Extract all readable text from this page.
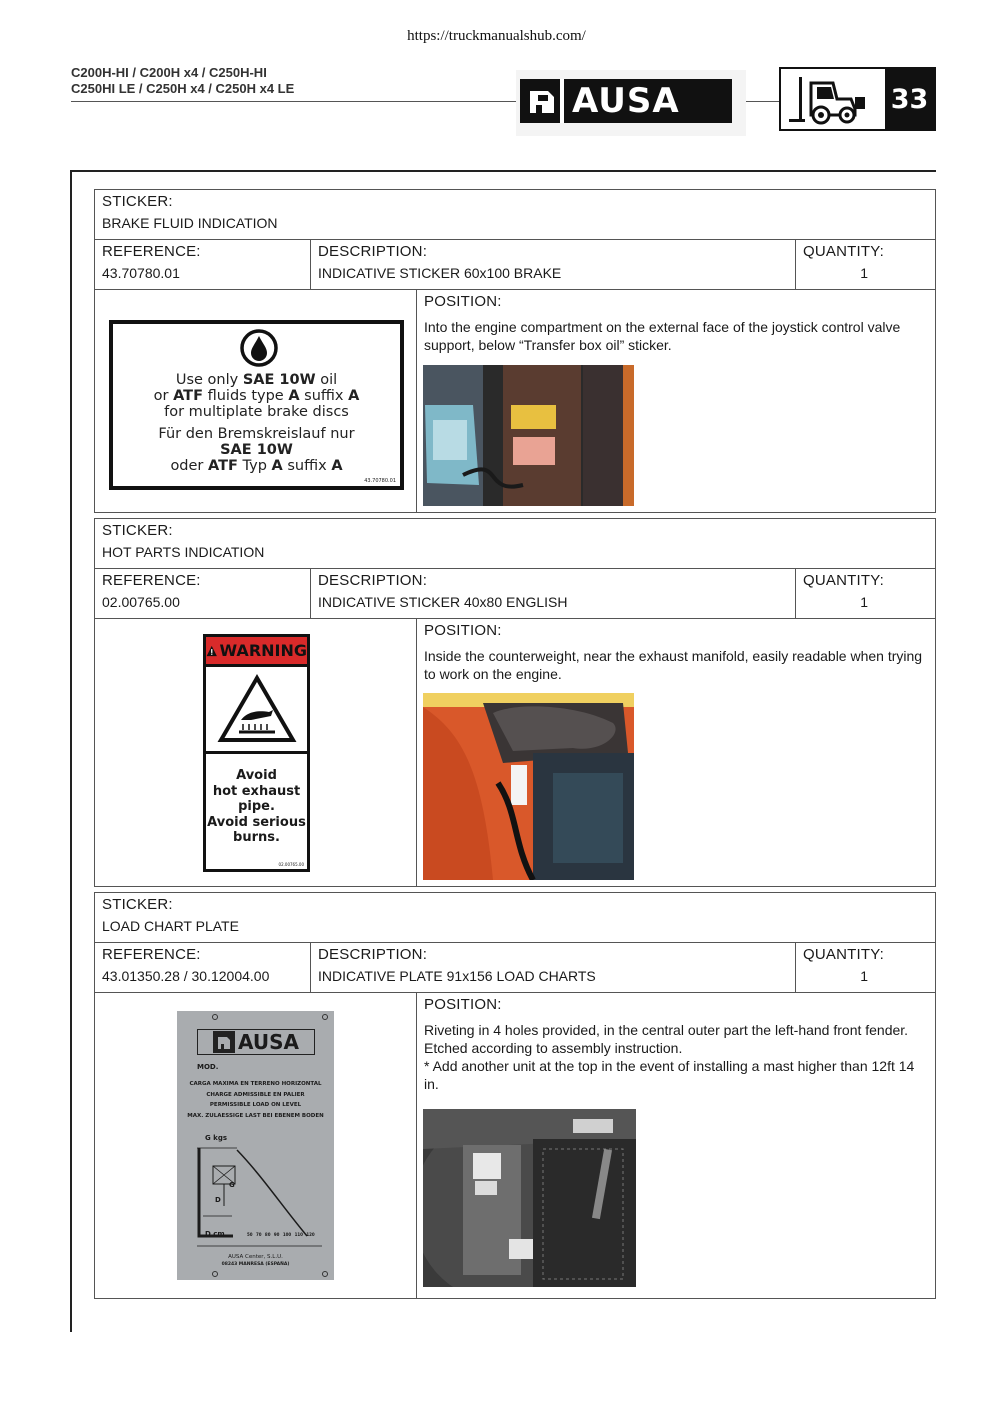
https://truckmanualshub.com/
C200H-HI / C200H x4 / C250H-HI
C250HI LE / C250H x4 / C250H x4 LE	AUSA	33
STICKER:
BRAKE FLUID INDICATION
REFERENCE:
43.70780.01
DESCRIPTION:
INDICATIVE STICKER 60x100 BRAKE
QUANTITY:
1
Use only SAE 10W oil
or ATF fluids type A suffix A
for multiplate brake discs
Für den Bremskreislauf nur
SAE 10W
oder ATF Typ A suffix A
43.70780.01
POSITION:
Into the engine compartment on the external face of the joystick control valve support, below “Transfer box oil” sticker.
STICKER:
HOT PARTS INDICATION
REFERENCE:
02.00765.00
DESCRIPTION:
INDICATIVE STICKER 40x80 ENGLISH
QUANTITY:
1
WARNING
Avoid
hot exhaust
pipe.
Avoid serious
burns.
02.00765.00
POSITION:
Inside the counterweight, near the exhaust manifold, easily readable when trying to work on the engine.
STICKER:
LOAD CHART PLATE
REFERENCE:
43.01350.28 / 30.12004.00
DESCRIPTION:
INDICATIVE PLATE 91x156 LOAD CHARTS
QUANTITY:
1
AUSA
MOD.
CARGA MAXIMA EN TERRENO HORIZONTAL
CHARGE ADMISSIBLE EN PALIER
PERMISSIBLE LOAD ON LEVEL
MAX. ZULAESSIGE LAST BEI EBENEM BODEN
G kgs
G
D
D cm.	50 70 80 90 100 110 120
AUSA Center, S.L.U.
08243 MANRESA (ESPAÑA)
POSITION:
Riveting in 4 holes provided, in the central outer part the left-hand front fender. Etched according to assembly instruction.
* Add another unit at the top in the event of installing a mast higher than 12ft 14 in.
